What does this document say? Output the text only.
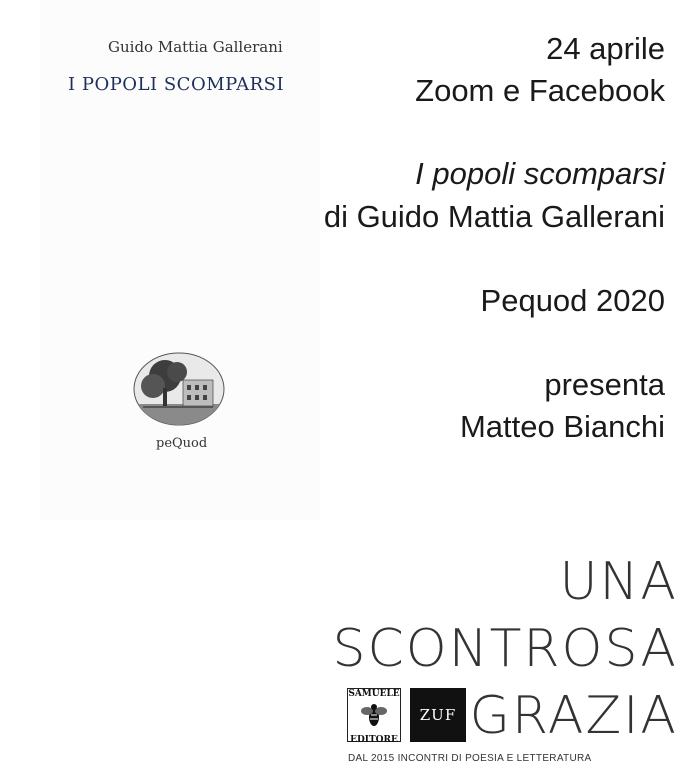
Guido Mattia Gallerani
I POPOLI SCOMPARSI
peQuod
24 aprile
Zoom e Facebook
I popoli scomparsi
di Guido Mattia Gallerani
Pequod 2020
presenta
Matteo Bianchi
UNA
SCONTROSA
GRAZIA
SAMUELE
EDITORE
ZUF
DAL 2015 INCONTRI DI POESIA E LETTERATURA
